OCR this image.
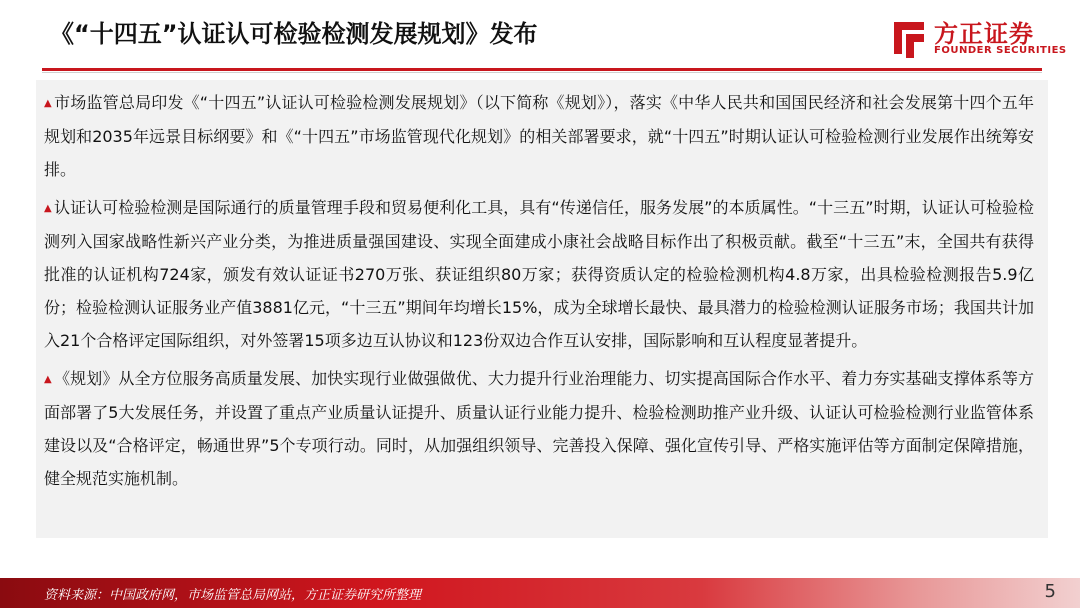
《“十四五”认证认可检验检测发展规划》发布	方正证券
FOUNDER SECURITIES
▲ 市场监管总局印发《“十四五”认证认可检验检测发展规划》（以下简称《规划》），落实《中华人民共和国国民经济和社会发展第十四个五年规划和2035年远景目标纲要》和《“十四五”市场监管现代化规划》的相关部署要求，就“十四五”时期认证认可检验检测行业发展作出统筹安排。
▲ 认证认可检验检测是国际通行的质量管理手段和贸易便利化工具，具有“传递信任，服务发展”的本质属性。“十三五”时期，认证认可检验检测列入国家战略性新兴产业分类，为推进质量强国建设、实现全面建成小康社会战略目标作出了积极贡献。截至“十三五”末，全国共有获得批准的认证机构724家，颁发有效认证证书270万张、获证组织80万家；获得资质认定的检验检测机构4.8万家，出具检验检测报告5.9亿份；检验检测认证服务业产值3881亿元，“十三五”期间年均增长15%，成为全球增长最快、最具潜力的检验检测认证服务市场；我国共计加入21个合格评定国际组织，对外签署15项多边互认协议和123份双边合作互认安排，国际影响和互认程度显著提升。
▲ 《规划》从全方位服务高质量发展、加快实现行业做强做优、大力提升行业治理能力、切实提高国际合作水平、着力夯实基础支撑体系等方面部署了5大发展任务，并设置了重点产业质量认证提升、质量认证行业能力提升、检验检测助推产业升级、认证认可检验检测行业监管体系建设以及“合格评定，畅通世界”5个专项行动。同时，从加强组织领导、完善投入保障、强化宣传引导、严格实施评估等方面制定保障措施，健全规范实施机制。
资料来源：中国政府网，市场监管总局网站，方正证券研究所整理	5
